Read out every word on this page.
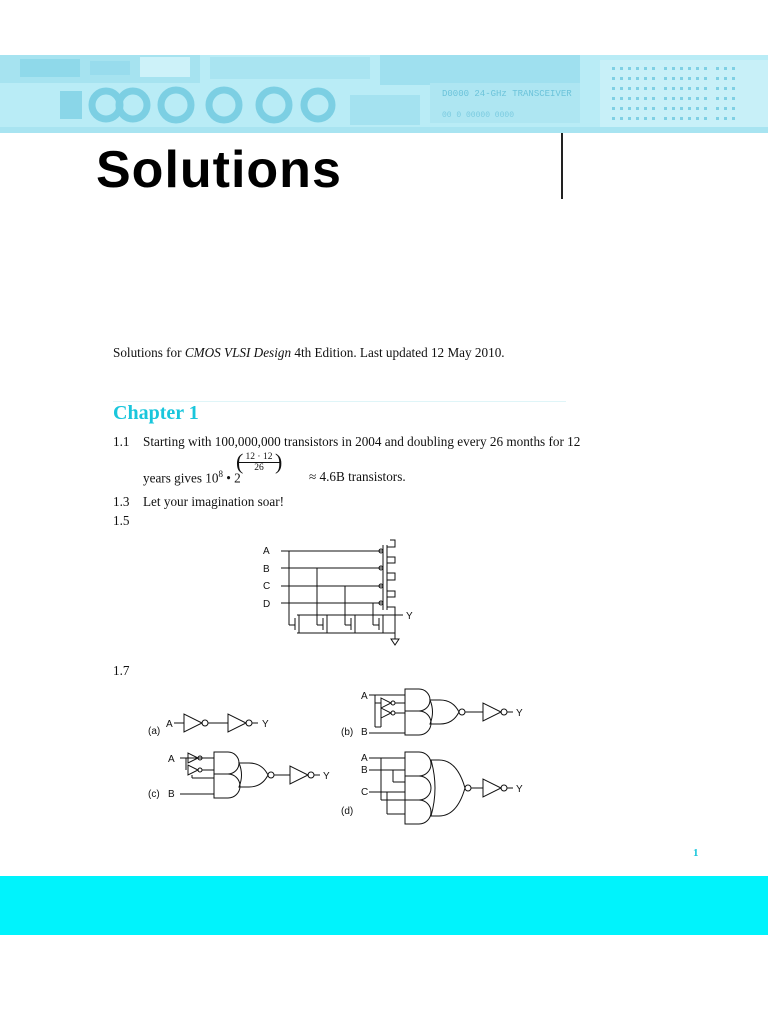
D0000 24-GHz TRANSCEIVER
00 0 00000 0000
Solutions
Solutions for CMOS VLSI Design 4th Edition. Last updated 12 May 2010.
Chapter 1
1.1 Starting with 100,000,000 transistors in 2004 and doubling every 26 months for 12
years gives $10^8$ • 2
(
$\frac{12 \cdot 12}{26}$
)
≈ 4.6B transistors.
1.3 Let your imagination soar!
1.5
A
B
C
D
Y
1.7
(a)
A	Y
A
(b) B
Y
A
(c) B
Y
A
B
C	Y
(d)
1
